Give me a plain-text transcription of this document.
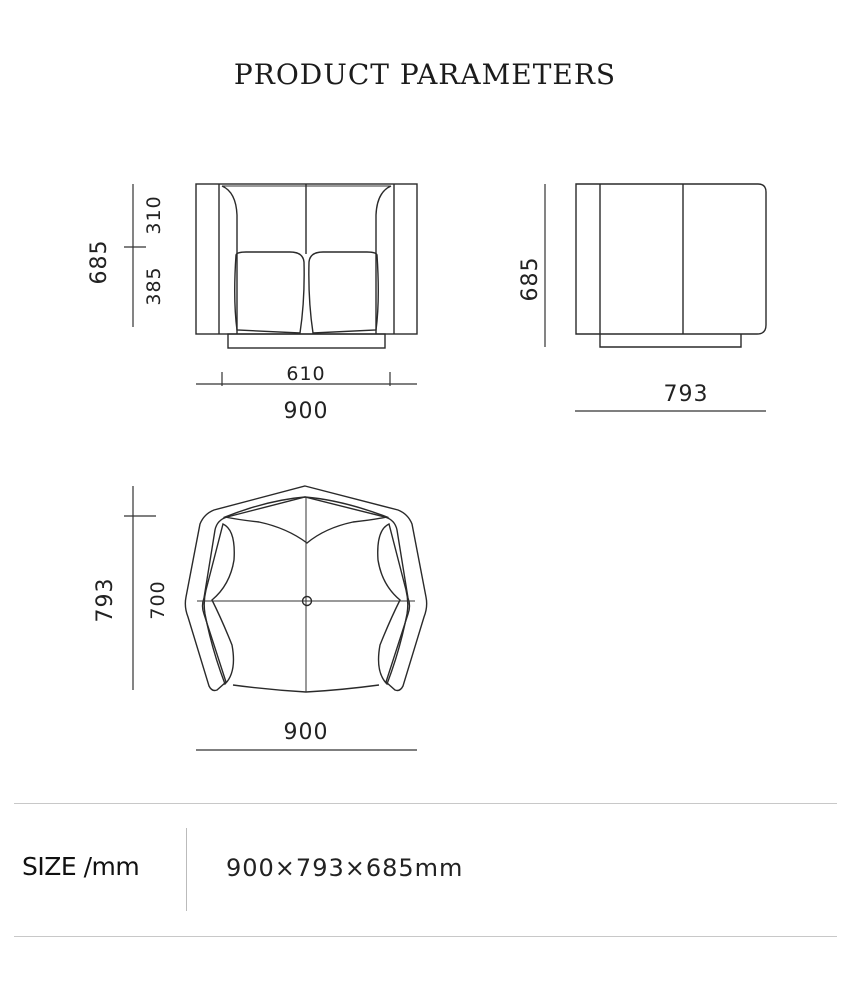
PRODUCT PARAMETERS
685
310
385
610
900
685
793
793 700
900
SIZE /mm	900×793×685mm
